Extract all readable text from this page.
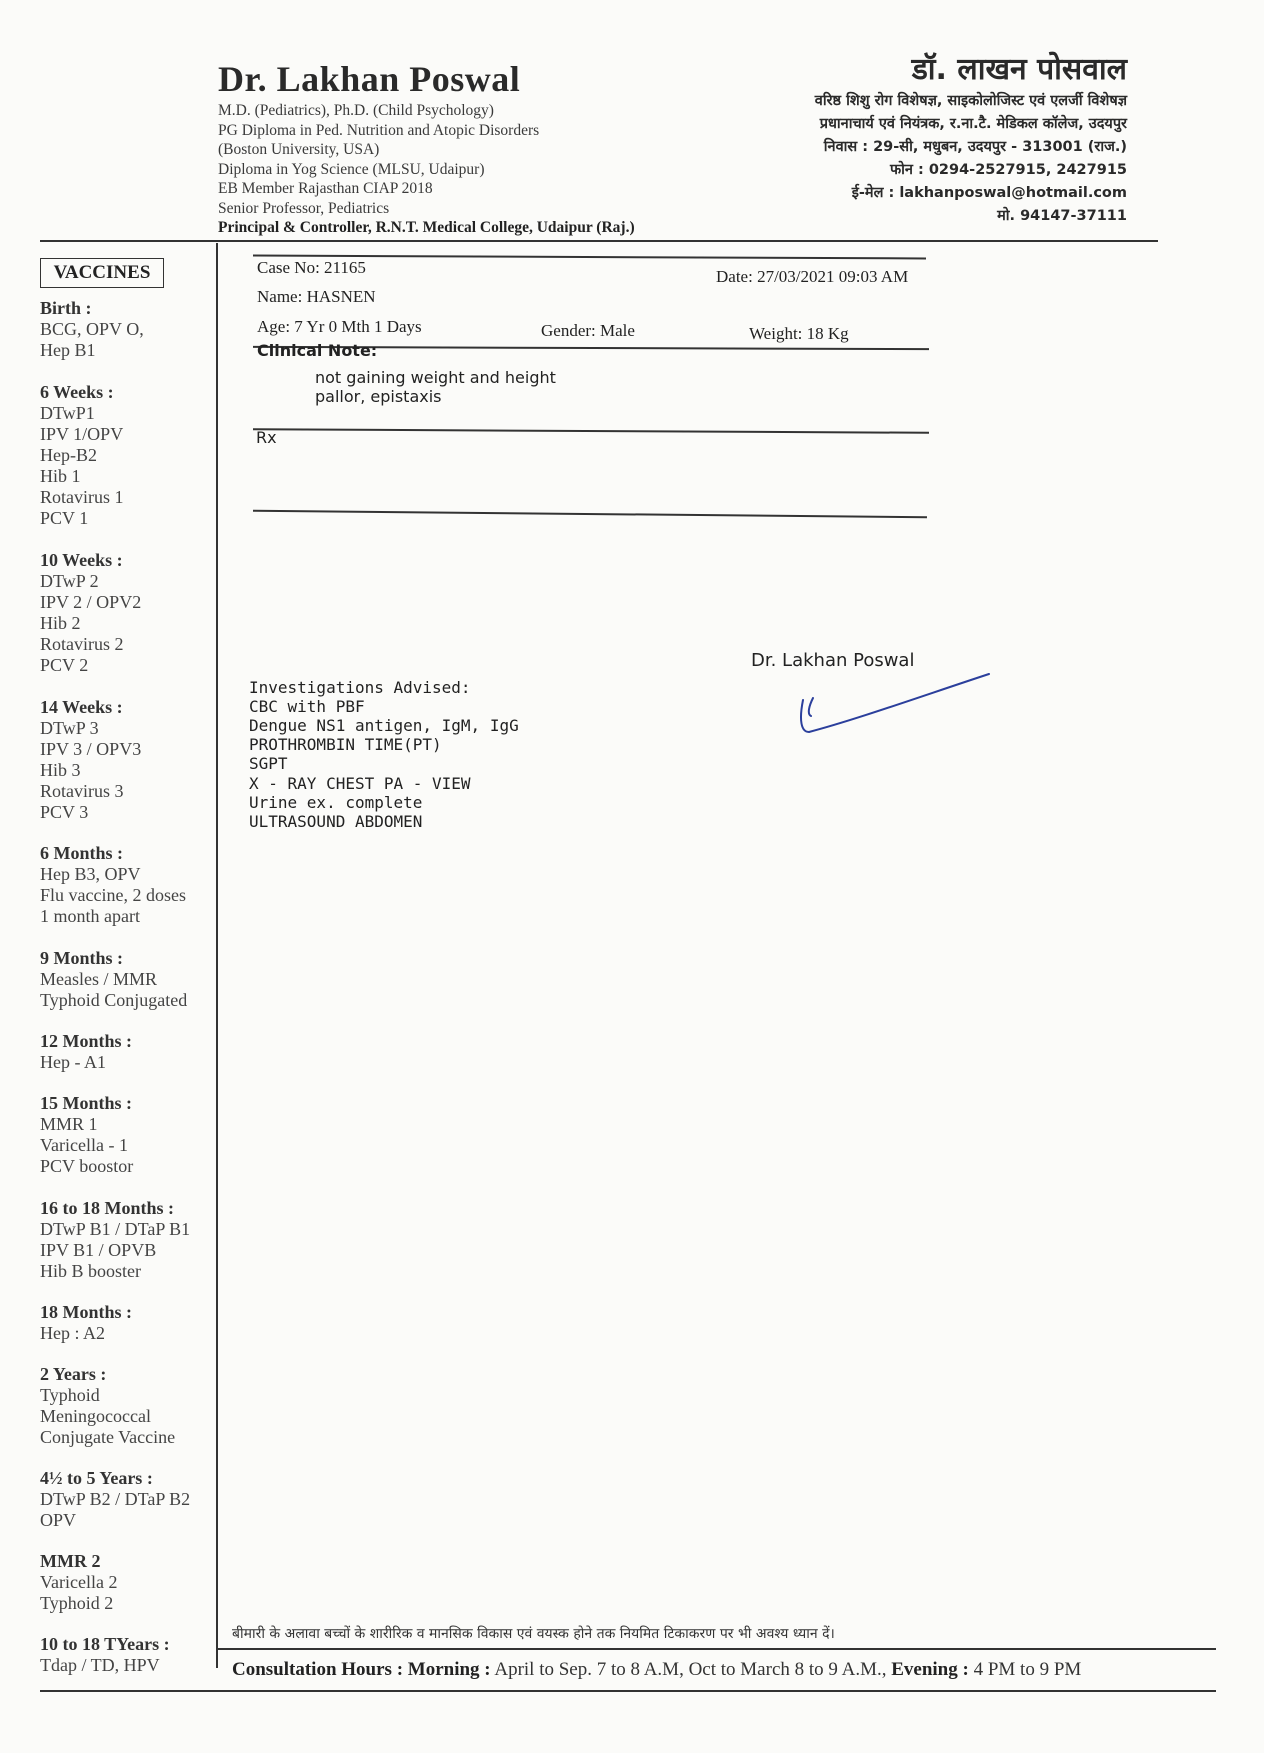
Dr. Lakhan Poswal
M.D. (Pediatrics), Ph.D. (Child Psychology)
PG Diploma in Ped. Nutrition and Atopic Disorders
(Boston University, USA)
Diploma in Yog Science (MLSU, Udaipur)
EB Member Rajasthan CIAP 2018
Senior Professor, Pediatrics
Principal & Controller, R.N.T. Medical College, Udaipur (Raj.)
डॉ. लाखन पोसवाल
वरिष्ठ शिशु रोग विशेषज्ञ, साइकोलोजिस्ट एवं एलर्जी विशेषज्ञ
प्रधानाचार्य एवं नियंत्रक, र.ना.टै. मेडिकल कॉलेज, उदयपुर
निवास : 29-सी, मधुबन, उदयपुर - 313001 (राज.)
फोन : 0294-2527915, 2427915
ई-मेल : lakhanposwal@hotmail.com
मो. 94147-37111
VACCINES
Birth :
BCG, OPV O,
Hep B1
6 Weeks :
DTwP1
IPV 1/OPV
Hep-B2
Hib 1
Rotavirus 1
PCV 1
10 Weeks :
DTwP 2
IPV 2 / OPV2
Hib 2
Rotavirus 2
PCV 2
14 Weeks :
DTwP 3
IPV 3 / OPV3
Hib 3
Rotavirus 3
PCV 3
6 Months :
Hep B3, OPV
Flu vaccine, 2 doses
1 month apart
9 Months :
Measles / MMR
Typhoid Conjugated
12 Months :
Hep - A1
15 Months :
MMR 1
Varicella - 1
PCV boostor
16 to 18 Months :
DTwP B1 / DTaP B1
IPV B1 / OPVB
Hib B booster
18 Months :
Hep : A2
2 Years :
Typhoid
Meningococcal
Conjugate Vaccine
4½ to 5 Years :
DTwP B2 / DTaP B2
OPV
MMR 2
Varicella 2
Typhoid 2
10 to 18 TYears :
Tdap / TD, HPV
Case No: 21165	Date: 27/03/2021 09:03 AM
Name: HASNEN
Age: 7 Yr 0 Mth 1 Days	Gender: Male	Weight: 18 Kg
Clinical Note:
not gaining weight and height
pallor, epistaxis
Rx
Dr. Lakhan Poswal
Investigations Advised:
CBC with PBF
Dengue NS1 antigen, IgM, IgG
PROTHROMBIN TIME(PT)
SGPT
X - RAY CHEST PA - VIEW
Urine ex. complete
ULTRASOUND ABDOMEN
बीमारी के अलावा बच्चों के शारीरिक व मानसिक विकास एवं वयस्क होने तक नियमित टिकाकरण पर भी अवश्य ध्यान दें।
Consultation Hours : Morning : April to Sep. 7 to 8 A.M, Oct to March 8 to 9 A.M., Evening : 4 PM to 9 PM
